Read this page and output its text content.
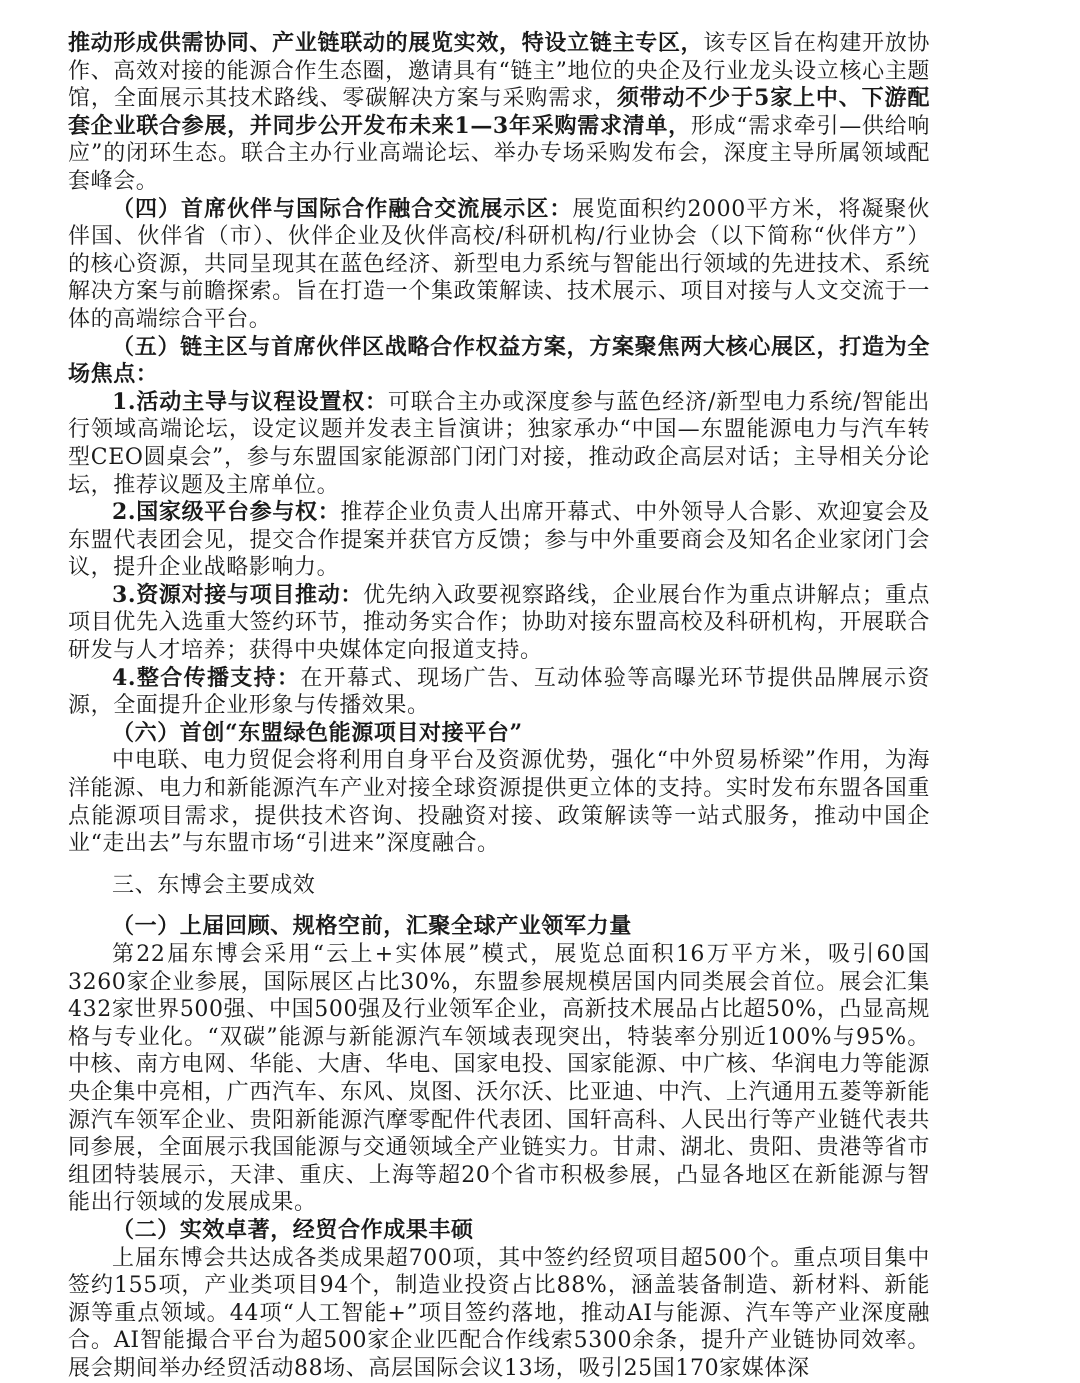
推动形成供需协同、产业链联动的展览实效，特设立链主专区，该专区旨在构建开放协作、高效对接的能源合作生态圈，邀请具有“链主”地位的央企及行业龙头设立核心主题馆，全面展示其技术路线、零碳解决方案与采购需求，须带动不少于5家上中、下游配套企业联合参展，并同步公开发布未来1—3年采购需求清单，形成“需求牵引—供给响应”的闭环生态。联合主办行业高端论坛、举办专场采购发布会，深度主导所属领域配套峰会。

（四）首席伙伴与国际合作融合交流展示区：展览面积约2000平方米，将凝聚伙伴国、伙伴省（市）、伙伴企业及伙伴高校/科研机构/行业协会（以下简称“伙伴方”）的核心资源，共同呈现其在蓝色经济、新型电力系统与智能出行领域的先进技术、系统解决方案与前瞻探索。旨在打造一个集政策解读、技术展示、项目对接与人文交流于一体的高端综合平台。

（五）链主区与首席伙伴区战略合作权益方案，方案聚焦两大核心展区，打造为全场焦点：

1.活动主导与议程设置权：可联合主办或深度参与蓝色经济/新型电力系统/智能出行领域高端论坛，设定议题并发表主旨演讲；独家承办“中国—东盟能源电力与汽车转型CEO圆桌会”，参与东盟国家能源部门闭门对接，推动政企高层对话；主导相关分论坛，推荐议题及主席单位。

2.国家级平台参与权：推荐企业负责人出席开幕式、中外领导人合影、欢迎宴会及东盟代表团会见，提交合作提案并获官方反馈；参与中外重要商会及知名企业家闭门会议，提升企业战略影响力。

3.资源对接与项目推动：优先纳入政要视察路线，企业展台作为重点讲解点；重点项目优先入选重大签约环节，推动务实合作；协助对接东盟高校及科研机构，开展联合研发与人才培养；获得中央媒体定向报道支持。

4.整合传播支持：在开幕式、现场广告、互动体验等高曝光环节提供品牌展示资源，全面提升企业形象与传播效果。

（六）首创“东盟绿色能源项目对接平台”

中电联、电力贸促会将利用自身平台及资源优势，强化“中外贸易桥梁”作用，为海洋能源、电力和新能源汽车产业对接全球资源提供更立体的支持。实时发布东盟各国重点能源项目需求，提供技术咨询、投融资对接、政策解读等一站式服务，推动中国企业“走出去”与东盟市场“引进来”深度融合。

三、东博会主要成效

（一）上届回顾、规格空前，汇聚全球产业领军力量

第22届东博会采用“云上+实体展”模式，展览总面积16万平方米，吸引60国3260家企业参展，国际展区占比30%，东盟参展规模居国内同类展会首位。展会汇集432家世界500强、中国500强及行业领军企业，高新技术展品占比超50%，凸显高规格与专业化。“双碳”能源与新能源汽车领域表现突出，特装率分别近100%与95%。中核、南方电网、华能、大唐、华电、国家电投、国家能源、中广核、华润电力等能源央企集中亮相，广西汽车、东风、岚图、沃尔沃、比亚迪、中汽、上汽通用五菱等新能源汽车领军企业、贵阳新能源汽摩零配件代表团、国轩高科、人民出行等产业链代表共同参展，全面展示我国能源与交通领域全产业链实力。甘肃、湖北、贵阳、贵港等省市组团特装展示，天津、重庆、上海等超20个省市积极参展，凸显各地区在新能源与智能出行领域的发展成果。

（二）实效卓著，经贸合作成果丰硕

上届东博会共达成各类成果超700项，其中签约经贸项目超500个。重点项目集中签约155项，产业类项目94个，制造业投资占比88%，涵盖装备制造、新材料、新能源等重点领域。44项“人工智能+”项目签约落地，推动AI与能源、汽车等产业深度融合。AI智能撮合平台为超500家企业匹配合作线索5300余条，提升产业链协同效率。展会期间举办经贸活动88场、高层国际会议13场，吸引25国170家媒体深
